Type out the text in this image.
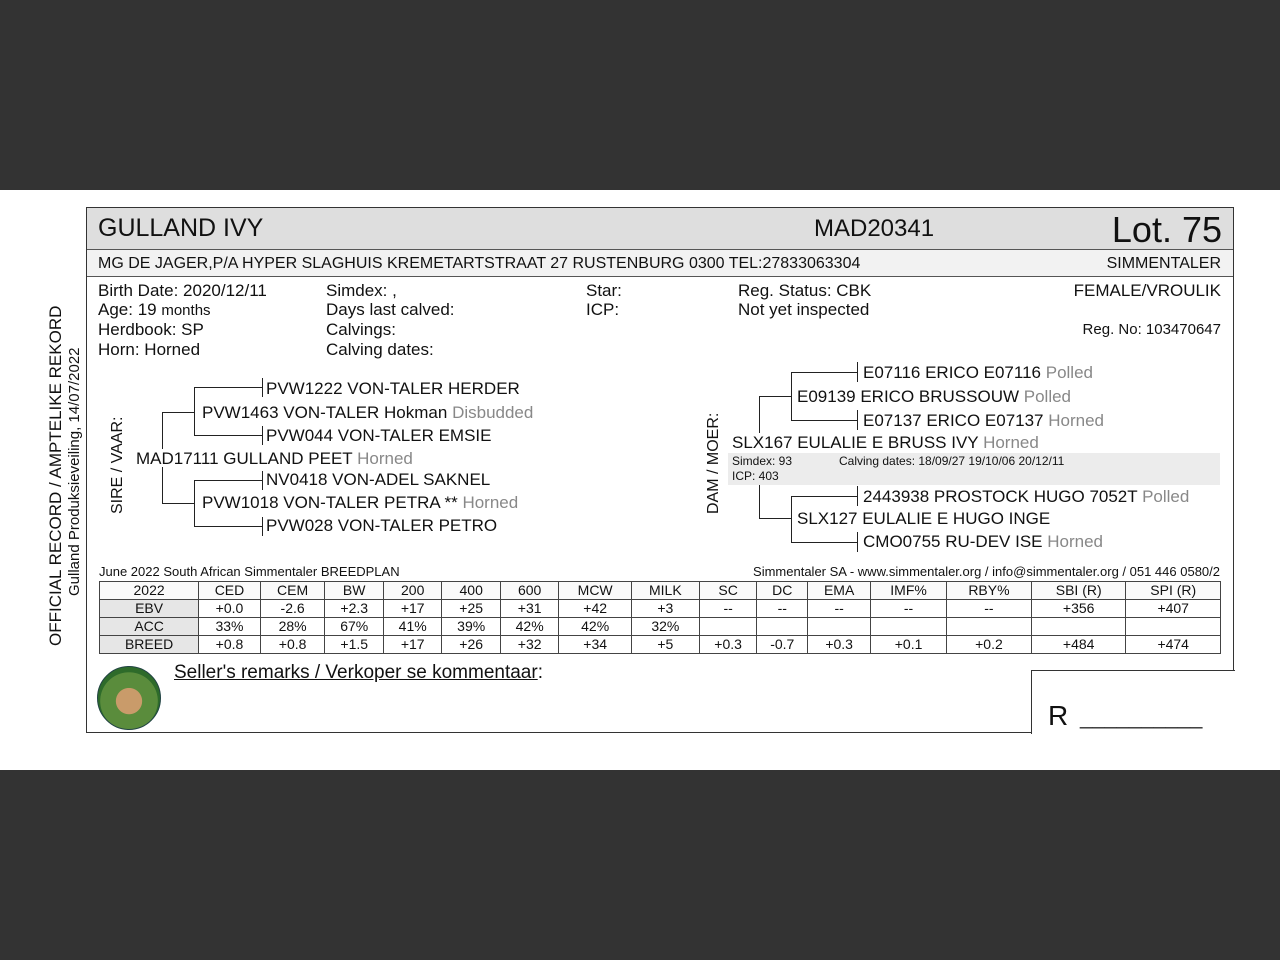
GULLAND IVY	MAD20341	Lot. 75
MG DE JAGER,P/A HYPER SLAGHUIS KREMETARTSTRAAT 27 RUSTENBURG 0300 TEL:27833063304	SIMMENTALER
Birth Date: 2020/12/11
Age: 19 months
Herdbook: SP
Horn: Horned
Simdex: ,
Days last calved:
Calvings:
Calving dates:
Star:
ICP:
Reg. Status: CBK
Not yet inspected
FEMALE/VROULIK
Reg. No: 103470647
OFFICIAL RECORD / AMPTELIKE REKORD Gulland Produksieveiling, 14/07/2022 SIRE / VAAR:
PVW1222 VON-TALER HERDER
PVW1463 VON-TALER Hokman Disbudded
PVW044 VON-TALER EMSIE
MAD17111 GULLAND PEET Horned
NV0418 VON-ADEL SAKNEL
PVW1018 VON-TALER PETRA ** Horned
PVW028 VON-TALER PETRO
DAM / MOER:
E07116 ERICO E07116 Polled
E09139 ERICO BRUSSOUW Polled
E07137 ERICO E07137 Horned
SLX167 EULALIE E BRUSS IVY Horned
Simdex: 93	Calving dates: 18/09/27 19/10/06 20/12/11
ICP: 403
2443938 PROSTOCK HUGO 7052T Polled
SLX127 EULALIE E HUGO INGE
CMO0755 RU-DEV ISE Horned
June 2022 South African Simmentaler BREEDPLAN	Simmentaler SA - www.simmentaler.org / info@simmentaler.org / 051 446 0580/2
2022	CED	CEM	BW	200	400	600	MCW	MILK	SC	DC	EMA	IMF%	RBY%	SBI (R)	SPI (R)
EBV	+0.0	-2.6	+2.3	+17	+25	+31	+42	+3	--	--	--	--	--	+356	+407
ACC	33%	28%	67%	41%	39%	42%	42%	32%							
BREED	+0.8	+0.8	+1.5	+17	+26	+32	+34	+5	+0.3	-0.7	+0.3	+0.1	+0.2	+484	+474
Seller's remarks / Verkoper se kommentaar:
R __________
